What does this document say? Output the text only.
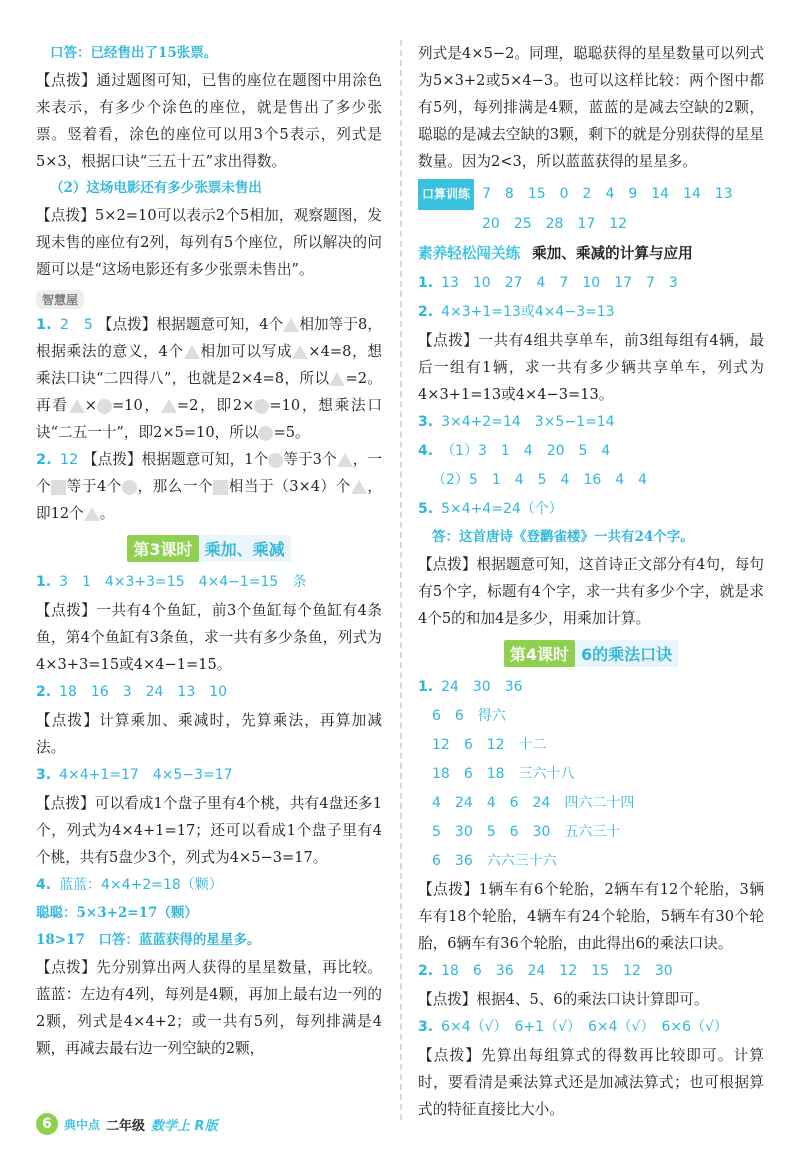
口答：已经售出了15张票。

【点拨】通过题图可知，已售的座位在题图中用涂色来表示，有多少个涂色的座位，就是售出了多少张票。竖着看，涂色的座位可以用3个5表示，列式是5×3，根据口诀“三五十五”求出得数。

（2）这场电影还有多少张票未售出

【点拨】5×2=10可以表示2个5相加，观察题图，发现未售的座位有2列，每列有5个座位，所以解决的问题可以是“这场电影还有多少张票未售出”。

智慧屋

1. 2　5 【点拨】根据题意可知，4个 相加等于8，根据乘法的意义，4个 相加可以写成 ×4=8，想乘法口诀“二四得八”，也就是2×4=8，所以 =2。再看 × =10， =2，即2× =10，想乘法口诀“二五一十”，即2×5=10，所以 =5。

2. 12 【点拨】根据题意可知，1个 等于3个 ，一个 等于4个 ，那么一个 相当于（3×4）个 ，即12个 。

第3课时 乘加、乘减

1. 3　1　4×3+3=15　4×4−1=15　条

【点拨】一共有4个鱼缸，前3个鱼缸每个鱼缸有4条鱼，第4个鱼缸有3条鱼，求一共有多少条鱼，列式为4×3+3=15或4×4−1=15。

2. 18　16　3　24　13　10

【点拨】计算乘加、乘减时，先算乘法，再算加减法。

3. 4×4+1=17　4×5−3=17

【点拨】可以看成1个盘子里有4个桃，共有4盘还多1个，列式为4×4+1=17；还可以看成1个盘子里有4个桃，共有5盘少3个，列式为4×5−3=17。

4. 蓝蓝：4×4+2=18（颗）

聪聪：5×3+2=17（颗）

18>17　口答：蓝蓝获得的星星多。

【点拨】先分别算出两人获得的星星数量，再比较。蓝蓝：左边有4列，每列是4颗，再加上最右边一列的2颗，列式是4×4+2；或一共有5列，每列排满是4颗，再减去最右边一列空缺的2颗，

列式是4×5−2。同理，聪聪获得的星星数量可以列式为5×3+2或5×4−3。也可以这样比较：两个图中都有5列，每列排满是4颗，蓝蓝的是减去空缺的2颗，聪聪的是减去空缺的3颗，剩下的就是分别获得的星星数量。因为2<3，所以蓝蓝获得的星星多。

口算训练 7　8　15　0　2　4　9　14　14　13

20　25　28　17　12

素养轻松闯关练 乘加、乘减的计算与应用

1. 13　10　27　4　7　10　17　7　3

2. 4×3+1=13或4×4−3=13

【点拨】一共有4组共享单车，前3组每组有4辆，最后一组有1辆，求一共有多少辆共享单车，列式为4×3+1=13或4×4−3=13。

3. 3×4+2=14　3×5−1=14

4. （1）3　1　4　20　5　4

（2）5　1　4　5　4　16　4　4

5. 5×4+4=24（个）

答：这首唐诗《登鹳雀楼》一共有24个字。

【点拨】根据题意可知，这首诗正文部分有4句，每句有5个字，标题有4个字，求一共有多少个字，就是求4个5的和加4是多少，用乘加计算。

第4课时 6的乘法口诀

1. 24　30　36

6　6　得六

12　6　12　十二

18　6　18　三六十八

4　24　4　6　24　四六二十四

5　30　5　6　30　五六三十

6　36　六六三十六

【点拨】1辆车有6个轮胎，2辆车有12个轮胎，3辆车有18个轮胎，4辆车有24个轮胎，5辆车有30个轮胎，6辆车有36个轮胎，由此得出6的乘法口诀。

2. 18　6　36　24　12　15　12　30

【点拨】根据4、5、6的乘法口诀计算即可。

3. 6×4（√）　6+1（√）　6×4（√）　6×6（√）

【点拨】先算出每组算式的得数再比较即可。计算时，要看清是乘法算式还是加减法算式；也可根据算式的特征直接比大小。

6	典中点 二年级 数学上 R版
